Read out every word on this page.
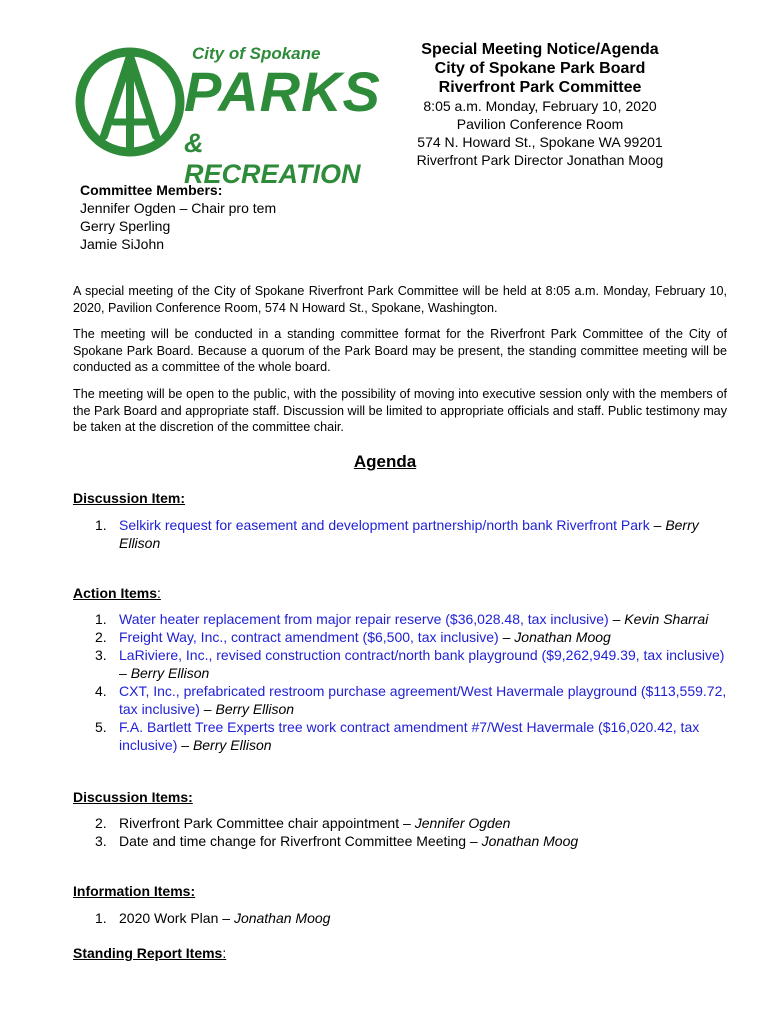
City of Spokane
PARKS
& RECREATION
Special Meeting Notice/Agenda
City of Spokane Park Board
Riverfront Park Committee
8:05 a.m. Monday, February 10, 2020
Pavilion Conference Room
574 N. Howard St., Spokane WA 99201
Riverfront Park Director Jonathan Moog
Committee Members:
Jennifer Ogden – Chair pro tem
Gerry Sperling
Jamie SiJohn

A special meeting of the City of Spokane Riverfront Park Committee will be held at 8:05 a.m. Monday, February 10, 2020, Pavilion Conference Room, 574 N Howard St., Spokane, Washington.

The meeting will be conducted in a standing committee format for the Riverfront Park Committee of the City of Spokane Park Board. Because a quorum of the Park Board may be present, the standing committee meeting will be conducted as a committee of the whole board.

The meeting will be open to the public, with the possibility of moving into executive session only with the members of the Park Board and appropriate staff. Discussion will be limited to appropriate officials and staff. Public testimony may be taken at the discretion of the committee chair.

Agenda
Discussion Item:
1. Selkirk request for easement and development partnership/north bank Riverfront Park – Berry Ellison
Action Items:
1. Water heater replacement from major repair reserve ($36,028.48, tax inclusive) – Kevin Sharrai
2. Freight Way, Inc., contract amendment ($6,500, tax inclusive) – Jonathan Moog
3. LaRiviere, Inc., revised construction contract/north bank playground ($9,262,949.39, tax inclusive) – Berry Ellison
4. CXT, Inc., prefabricated restroom purchase agreement/West Havermale playground ($113,559.72, tax inclusive) – Berry Ellison
5. F.A. Bartlett Tree Experts tree work contract amendment #7/West Havermale ($16,020.42, tax inclusive) – Berry Ellison
Discussion Items:
2. Riverfront Park Committee chair appointment – Jennifer Ogden
3. Date and time change for Riverfront Committee Meeting – Jonathan Moog
Information Items:
1. 2020 Work Plan – Jonathan Moog
Standing Report Items:
